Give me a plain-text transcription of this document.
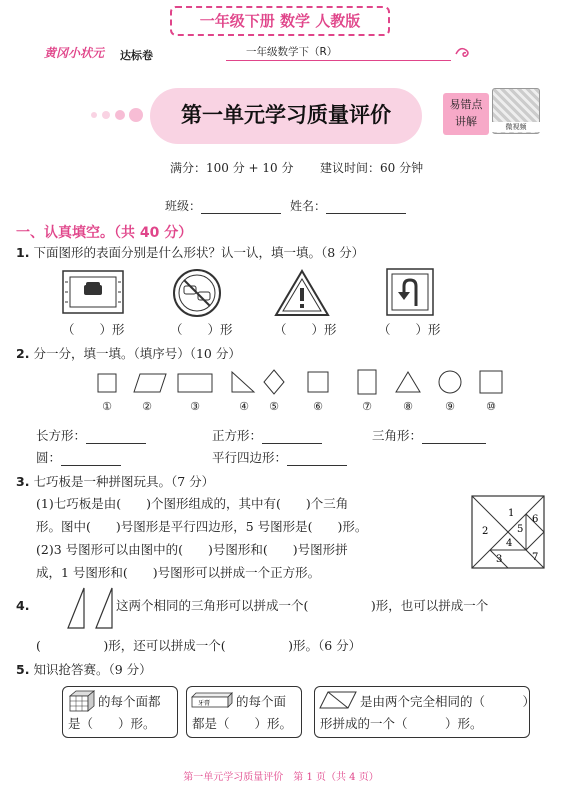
一年级下册 数学 人教版
黄冈小状元 达标卷	一年级数学下（R）
第一单元学习质量评价	易错点
讲解	微视频
满分：100 分 + 10 分 建议时间：60 分钟
班级：	姓名：
一、认真填空。（共 40 分）
1. 下面图形的表面分别是什么形状？认一认，填一填。（8 分）
（　　）形	（　　）形	（　　）形	（　　）形
2. 分一分，填一填。（填序号）（10 分）
①	②	③	④	⑤	⑥	⑦	⑧	⑨	⑩
长方形：	正方形：	三角形：
圆：	平行四边形：
3. 七巧板是一种拼图玩具。（7 分）
(1)七巧板是由(　　)个图形组成的，其中有(　　)个三角
形。图中(　　)号图形是平行四边形，5 号图形是(　　)形。
(2)3 号图形可以由图中的(　　)号图形和(　　)号图形拼
成，1 号图形和(　　)号图形可以拼成一个正方形。
1
2
3
4
5
6
7
4.	这两个相同的三角形可以拼成一个(　　　　　)形，也可以拼成一个
(　　　　　)形，还可以拼成一个(　　　　　)形。（6 分）
5. 知识抢答赛。（9 分）
的每个面都
是（　　）形。
牙膏 的每个面
都是（　　）形。
是由两个完全相同的（　　　）
形拼成的一个（　　　）形。
第一单元学习质量评价　第 1 页（共 4 页）
